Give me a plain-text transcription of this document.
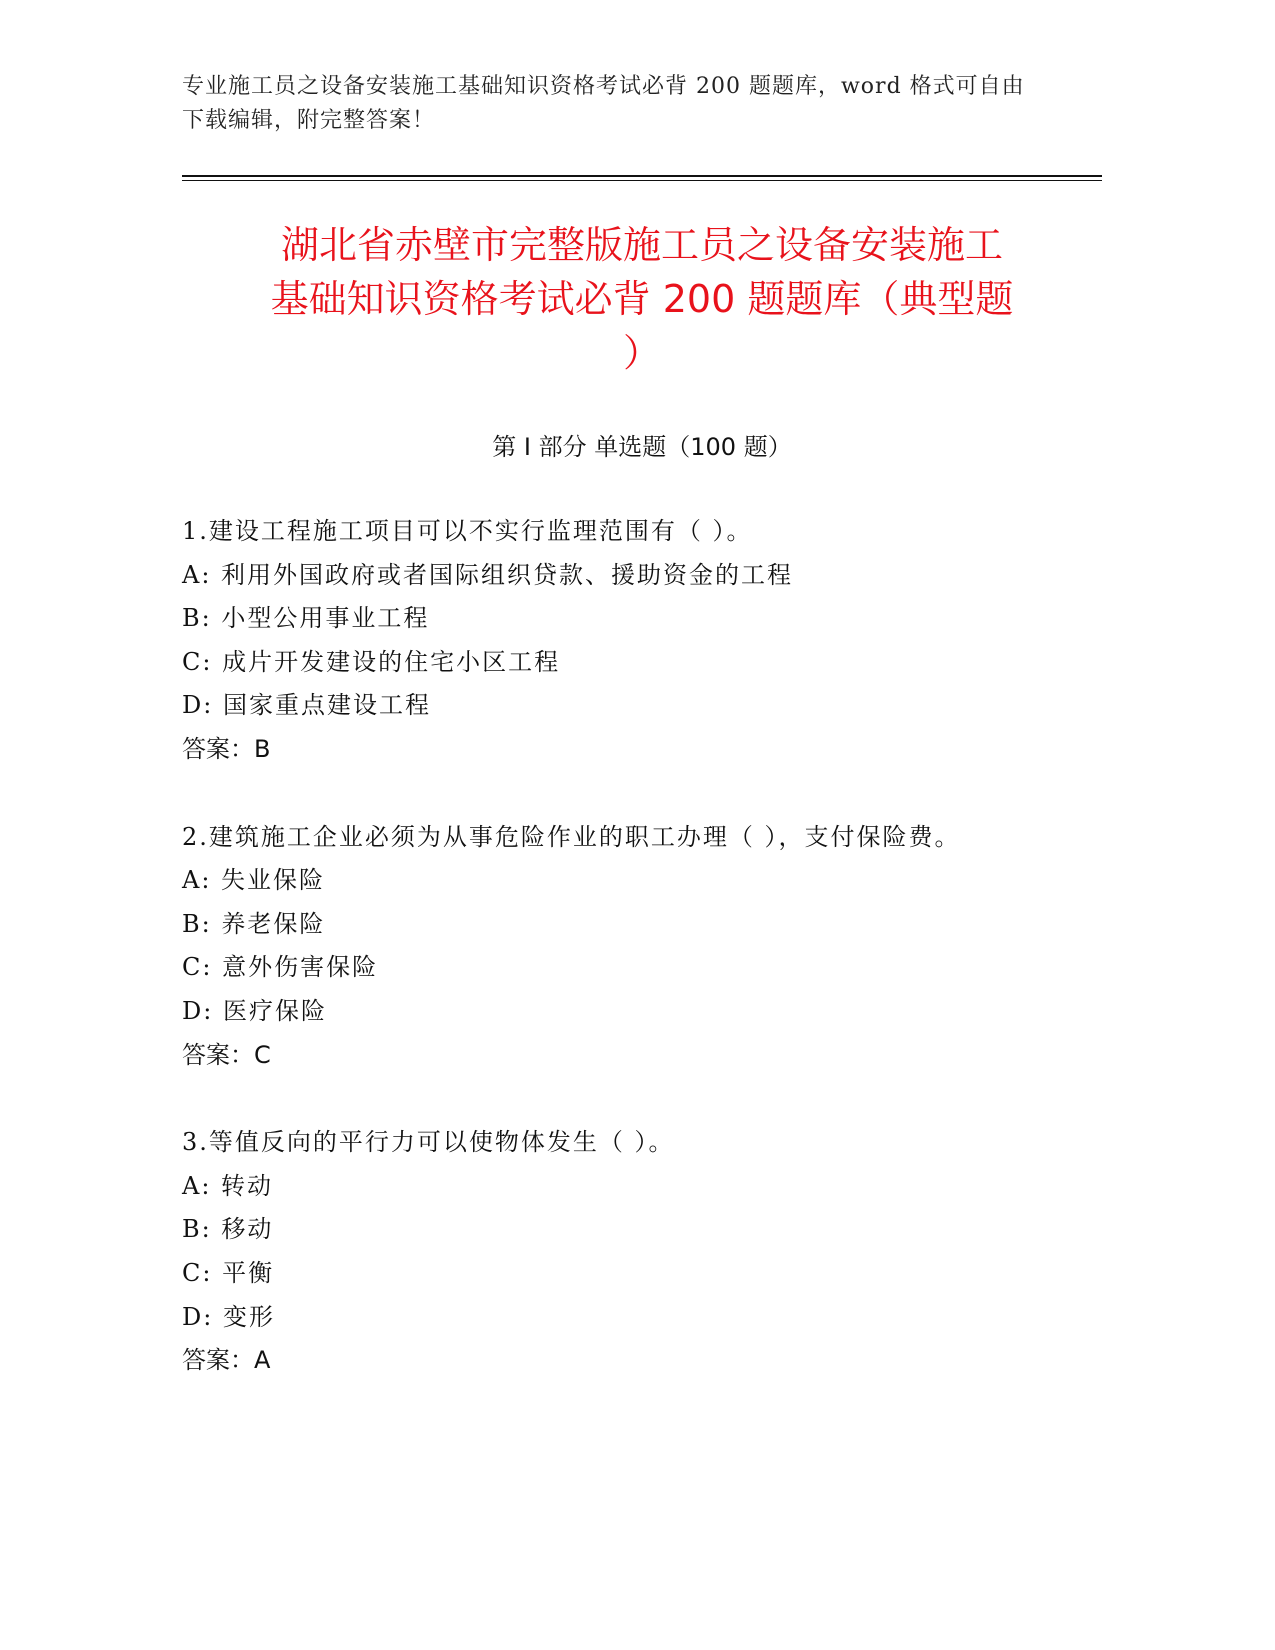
专业施工员之设备安装施工基础知识资格考试必背 200 题题库，word 格式可自由
下载编辑，附完整答案！
湖北省赤壁市完整版施工员之设备安装施工
基础知识资格考试必背 200 题题库（典型题
）
第 I 部分 单选题（100 题）
1.建设工程施工项目可以不实行监理范围有（ ）。
A: 利用外国政府或者国际组织贷款、援助资金的工程
B: 小型公用事业工程
C: 成片开发建设的住宅小区工程
D: 国家重点建设工程
答案：B
2.建筑施工企业必须为从事危险作业的职工办理（ ），支付保险费。
A: 失业保险
B: 养老保险
C: 意外伤害保险
D: 医疗保险
答案：C
3.等值反向的平行力可以使物体发生（ ）。
A: 转动
B: 移动
C: 平衡
D: 变形
答案：A
